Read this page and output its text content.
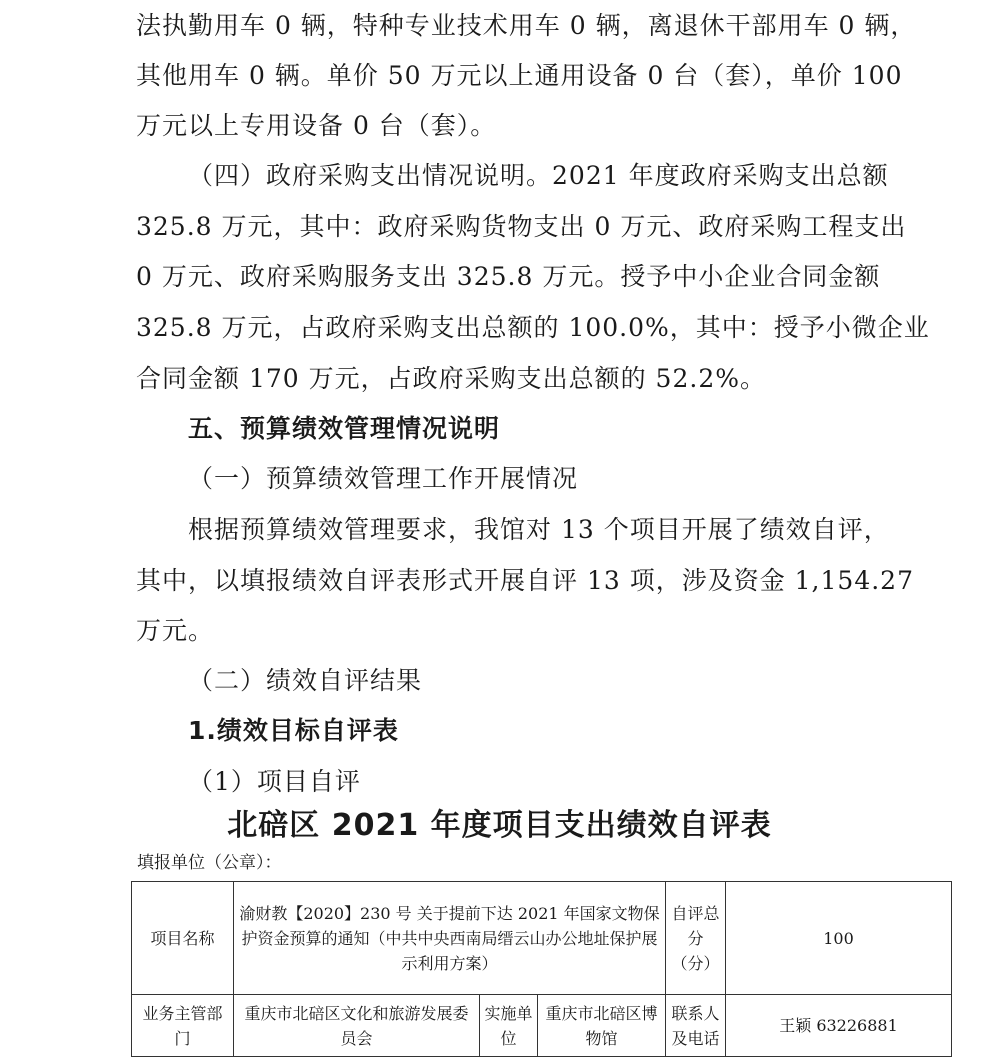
法执勤用车 0 辆，特种专业技术用车 0 辆，离退休干部用车 0 辆，
其他用车 0 辆。单价 50 万元以上通用设备 0 台（套），单价 100
万元以上专用设备 0 台（套）。
（四）政府采购支出情况说明。2021 年度政府采购支出总额
325.8 万元，其中：政府采购货物支出 0 万元、政府采购工程支出
0 万元、政府采购服务支出 325.8 万元。授予中小企业合同金额
325.8 万元，占政府采购支出总额的 100.0%，其中：授予小微企业
合同金额 170 万元，占政府采购支出总额的 52.2%。
五、预算绩效管理情况说明
（一）预算绩效管理工作开展情况
根据预算绩效管理要求，我馆对 13 个项目开展了绩效自评，
其中，以填报绩效自评表形式开展自评 13 项，涉及资金 1,154.27
万元。
（二）绩效自评结果
1.绩效目标自评表
（1）项目自评
北碚区 2021 年度项目支出绩效自评表
填报单位（公章）：
项目名称	渝财教【2020】230 号 关于提前下达 2021 年国家文物保护资金预算的通知（中共中央西南局缙云山办公地址保护展示利用方案）			自评总分（分）	100
业务主管部门	重庆市北碚区文化和旅游发展委员会	实施单位	重庆市北碚区博物馆	联系人及电话	王颖 63226881
